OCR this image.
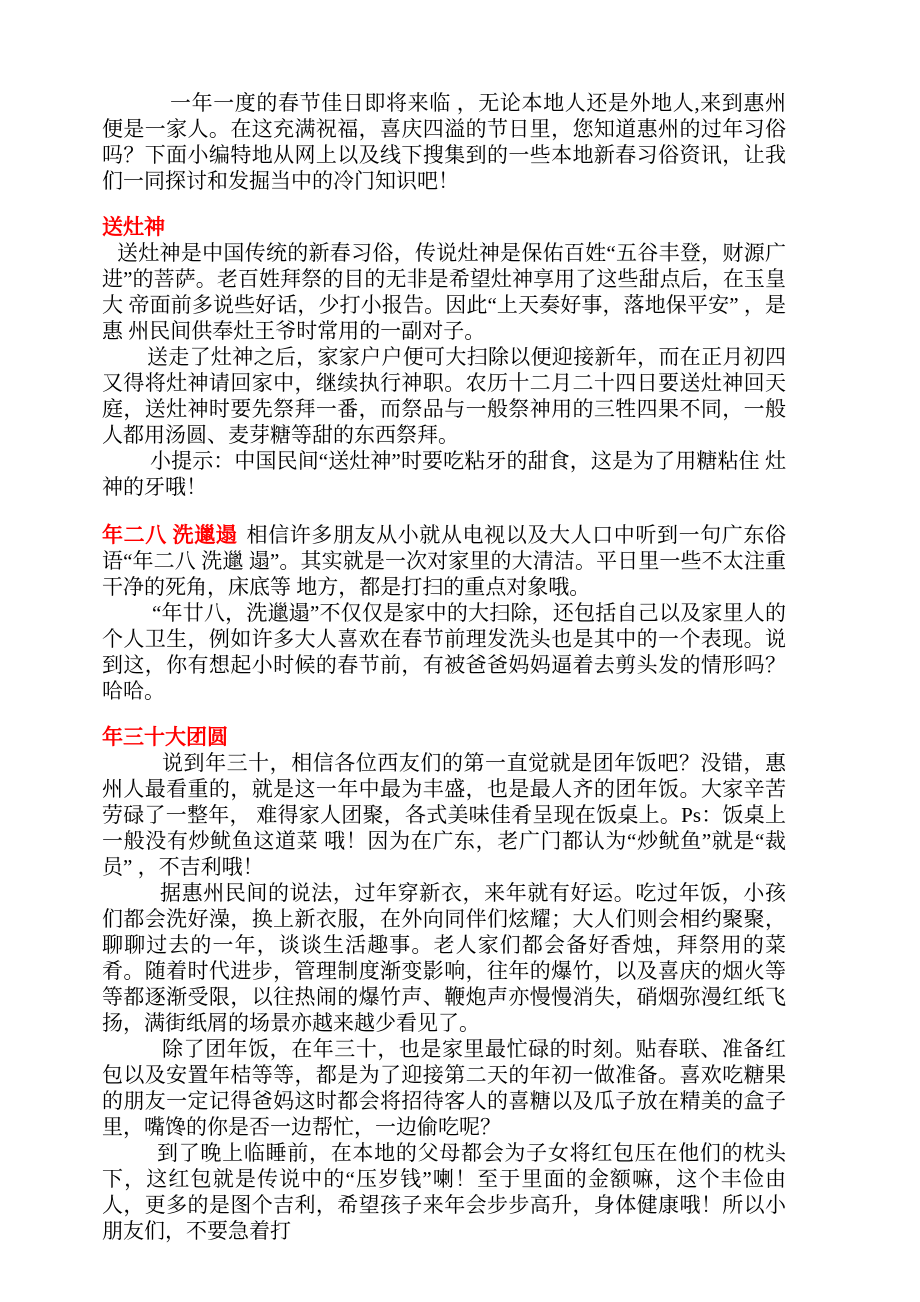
一年一度的春节佳日即将来临 ，无论本地人还是外地人,来到惠州便是一家人。在这充满祝福，喜庆四溢的节日里，您知道惠州的过年习俗吗？下面小编特地从网上以及线下搜集到的一些本地新春习俗资讯，让我们一同探讨和发掘当中的冷门知识吧！

送灶神

送灶神是中国传统的新春习俗，传说灶神是保佑百姓“五谷丰登，财源广进”的菩萨。老百姓拜祭的目的无非是希望灶神享用了这些甜点后，在玉皇大 帝面前多说些好话，少打小报告。因此“上天奏好事，落地保平安” ，是惠 州民间供奉灶王爷时常用的一副对子。

送走了灶神之后，家家户户便可大扫除以便迎接新年，而在正月初四 又得将灶神请回家中，继续执行神职。农历十二月二十四日要送灶神回天 庭，送灶神时要先祭拜一番，而祭品与一般祭神用的三牲四果不同，一般 人都用汤圆、麦芽糖等甜的东西祭拜。

小提示：中国民间“送灶神”时要吃粘牙的甜食，这是为了用糖粘住 灶神的牙哦！

年二八 洗邋遢 相信许多朋友从小就从电视以及大人口中听到一句广东俗语“年二八 洗邋 遢”。其实就是一次对家里的大清洁。平日里一些不太注重干净的死角，床底等 地方，都是打扫的重点对象哦。

“年廿八，洗邋遢”不仅仅是家中的大扫除，还包括自己以及家里人的个人卫生，例如许多大人喜欢在春节前理发洗头也是其中的一个表现。说到这，你有想起小时候的春节前，有被爸爸妈妈逼着去剪头发的情形吗？哈哈。

年三十大团圆

说到年三十，相信各位西友们的第一直觉就是团年饭吧？没错，惠州人最看重的，就是这一年中最为丰盛，也是最人齐的团年饭。大家辛苦劳碌了一整年， 难得家人团聚，各式美味佳肴呈现在饭桌上。Ps：饭桌上一般没有炒鱿鱼这道菜 哦！因为在广东，老广门都认为“炒鱿鱼”就是“裁员” ，不吉利哦！

据惠州民间的说法，过年穿新衣，来年就有好运。吃过年饭，小孩们都会洗好澡，换上新衣服，在外向同伴们炫耀；大人们则会相约聚聚，聊聊过去的一年，谈谈生活趣事。老人家们都会备好香烛，拜祭用的菜肴。随着时代进步，管理制度渐变影响，往年的爆竹，以及喜庆的烟火等等都逐渐受限，以往热闹的爆竹声、鞭炮声亦慢慢消失，硝烟弥漫红纸飞扬，满街纸屑的场景亦越来越少看见了。

除了团年饭，在年三十，也是家里最忙碌的时刻。贴春联、准备红包以及安置年桔等等，都是为了迎接第二天的年初一做准备。喜欢吃糖果的朋友一定记得爸妈这时都会将招待客人的喜糖以及瓜子放在精美的盒子里，嘴馋的你是否一边帮忙，一边偷吃呢？

到了晚上临睡前，在本地的父母都会为子女将红包压在他们的枕头下，这红包就是传说中的“压岁钱”喇！至于里面的金额嘛，这个丰俭由人，更多的是图个吉利，希望孩子来年会步步高升，身体健康哦！所以小朋友们，不要急着打
